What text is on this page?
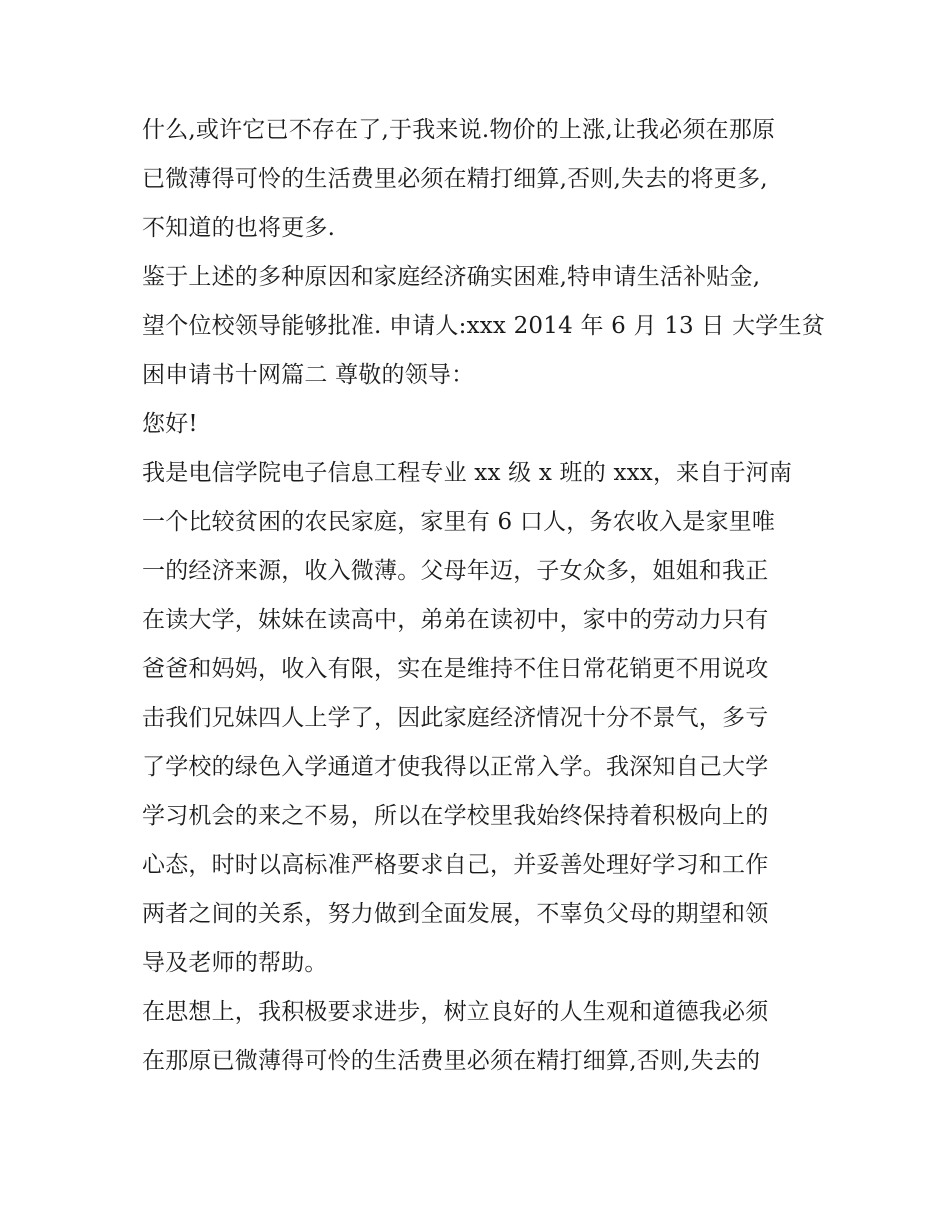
什么,或许它已不存在了,于我来说.物价的上涨,让我必须在那原
已微薄得可怜的生活费里必须在精打细算,否则,失去的将更多,
不知道的也将更多.

鉴于上述的多种原因和家庭经济确实困难,特申请生活补贴金,
望个位校领导能够批准. 申请人:xxx 2014 年 6 月 13 日 大学生贫
困申请书十网篇二 尊敬的领导：

您好!

我是电信学院电子信息工程专业 xx 级 x 班的 xxx，来自于河南
一个比较贫困的农民家庭，家里有 6 口人，务农收入是家里唯
一的经济来源，收入微薄。父母年迈，子女众多，姐姐和我正
在读大学，妹妹在读高中，弟弟在读初中，家中的劳动力只有
爸爸和妈妈，收入有限，实在是维持不住日常花销更不用说攻
击我们兄妹四人上学了，因此家庭经济情况十分不景气，多亏
了学校的绿色入学通道才使我得以正常入学。我深知自己大学
学习机会的来之不易，所以在学校里我始终保持着积极向上的
心态，时时以高标准严格要求自己，并妥善处理好学习和工作
两者之间的关系，努力做到全面发展，不辜负父母的期望和领
导及老师的帮助。

在思想上，我积极要求进步，树立良好的人生观和道德我必须
在那原已微薄得可怜的生活费里必须在精打细算,否则,失去的
